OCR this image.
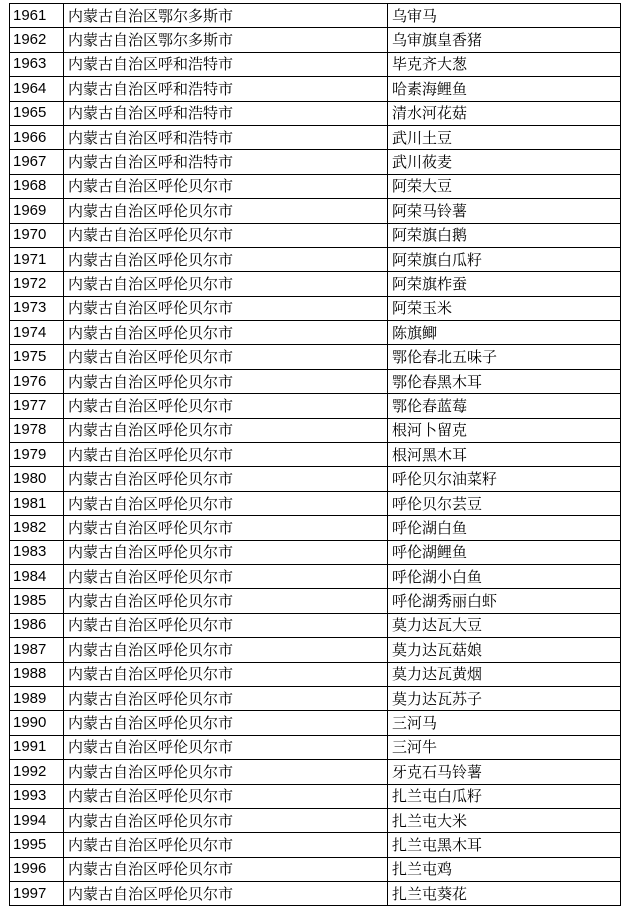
1961	内蒙古自治区鄂尔多斯市	乌审马
1962	内蒙古自治区鄂尔多斯市	乌审旗皇香猪
1963	内蒙古自治区呼和浩特市	毕克齐大葱
1964	内蒙古自治区呼和浩特市	哈素海鲤鱼
1965	内蒙古自治区呼和浩特市	清水河花菇
1966	内蒙古自治区呼和浩特市	武川土豆
1967	内蒙古自治区呼和浩特市	武川莜麦
1968	内蒙古自治区呼伦贝尔市	阿荣大豆
1969	内蒙古自治区呼伦贝尔市	阿荣马铃薯
1970	内蒙古自治区呼伦贝尔市	阿荣旗白鹅
1971	内蒙古自治区呼伦贝尔市	阿荣旗白瓜籽
1972	内蒙古自治区呼伦贝尔市	阿荣旗柞蚕
1973	内蒙古自治区呼伦贝尔市	阿荣玉米
1974	内蒙古自治区呼伦贝尔市	陈旗鲫
1975	内蒙古自治区呼伦贝尔市	鄂伦春北五味子
1976	内蒙古自治区呼伦贝尔市	鄂伦春黑木耳
1977	内蒙古自治区呼伦贝尔市	鄂伦春蓝莓
1978	内蒙古自治区呼伦贝尔市	根河卜留克
1979	内蒙古自治区呼伦贝尔市	根河黑木耳
1980	内蒙古自治区呼伦贝尔市	呼伦贝尔油菜籽
1981	内蒙古自治区呼伦贝尔市	呼伦贝尔芸豆
1982	内蒙古自治区呼伦贝尔市	呼伦湖白鱼
1983	内蒙古自治区呼伦贝尔市	呼伦湖鲤鱼
1984	内蒙古自治区呼伦贝尔市	呼伦湖小白鱼
1985	内蒙古自治区呼伦贝尔市	呼伦湖秀丽白虾
1986	内蒙古自治区呼伦贝尔市	莫力达瓦大豆
1987	内蒙古自治区呼伦贝尔市	莫力达瓦菇娘
1988	内蒙古自治区呼伦贝尔市	莫力达瓦黄烟
1989	内蒙古自治区呼伦贝尔市	莫力达瓦苏子
1990	内蒙古自治区呼伦贝尔市	三河马
1991	内蒙古自治区呼伦贝尔市	三河牛
1992	内蒙古自治区呼伦贝尔市	牙克石马铃薯
1993	内蒙古自治区呼伦贝尔市	扎兰屯白瓜籽
1994	内蒙古自治区呼伦贝尔市	扎兰屯大米
1995	内蒙古自治区呼伦贝尔市	扎兰屯黑木耳
1996	内蒙古自治区呼伦贝尔市	扎兰屯鸡
1997	内蒙古自治区呼伦贝尔市	扎兰屯葵花
